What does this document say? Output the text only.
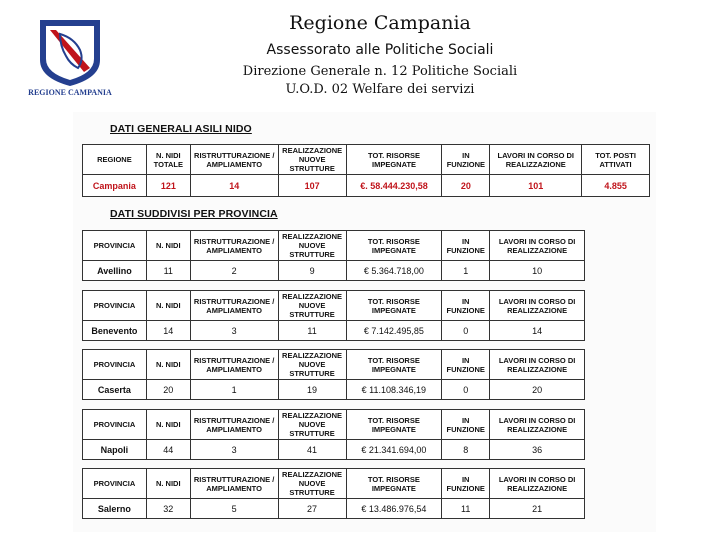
REGIONE CAMPANIA
Regione Campania
Assessorato alle Politiche Sociali
Direzione Generale n. 12 Politiche Sociali
U.O.D. 02 Welfare dei servizi
DATI GENERALI ASILI NIDO
REGIONE	N. NIDI TOTALE	RISTRUTTURAZIONE / AMPLIAMENTO	REALIZZAZIONE NUOVE STRUTTURE	TOT. RISORSE IMPEGNATE	IN FUNZIONE	LAVORI IN CORSO DI REALIZZAZIONE	TOT. POSTI ATTIVATI
Campania	121	14	107	€. 58.444.230,58	20	101	4.855
DATI SUDDIVISI PER PROVINCIA
PROVINCIA	N. NIDI	RISTRUTTURAZIONE / AMPLIAMENTO	REALIZZAZIONE NUOVE STRUTTURE	TOT. RISORSE IMPEGNATE	IN FUNZIONE	LAVORI IN CORSO DI REALIZZAZIONE
Avellino	11	2	9	€ 5.364.718,00	1	10
PROVINCIA	N. NIDI	RISTRUTTURAZIONE / AMPLIAMENTO	REALIZZAZIONE NUOVE STRUTTURE	TOT. RISORSE IMPEGNATE	IN FUNZIONE	LAVORI IN CORSO DI REALIZZAZIONE
Benevento	14	3	11	€ 7.142.495,85	0	14
PROVINCIA	N. NIDI	RISTRUTTURAZIONE / AMPLIAMENTO	REALIZZAZIONE NUOVE STRUTTURE	TOT. RISORSE IMPEGNATE	IN FUNZIONE	LAVORI IN CORSO DI REALIZZAZIONE
Caserta	20	1	19	€ 11.108.346,19	0	20
PROVINCIA	N. NIDI	RISTRUTTURAZIONE / AMPLIAMENTO	REALIZZAZIONE NUOVE STRUTTURE	TOT. RISORSE IMPEGNATE	IN FUNZIONE	LAVORI IN CORSO DI REALIZZAZIONE
Napoli	44	3	41	€ 21.341.694,00	8	36
PROVINCIA	N. NIDI	RISTRUTTURAZIONE / AMPLIAMENTO	REALIZZAZIONE NUOVE STRUTTURE	TOT. RISORSE IMPEGNATE	IN FUNZIONE	LAVORI IN CORSO DI REALIZZAZIONE
Salerno	32	5	27	€ 13.486.976,54	11	21
